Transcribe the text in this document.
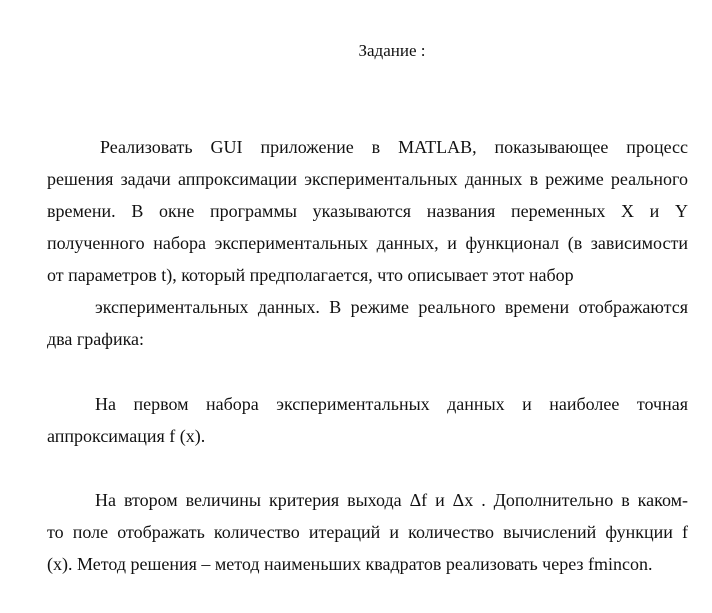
Задание :
Реализовать GUI приложение в MATLAB, показывающее процесс
решения задачи аппроксимации экспериментальных данных в режиме реального
времени. В окне программы указываются названия переменных X и Y
полученного набора экспериментальных данных, и функционал (в зависимости
от параметров t), который предполагается, что описывает этот набор
экспериментальных данных. В режиме реального времени отображаются
два графика:
На первом набора экспериментальных данных и наиболее точная
аппроксимация f (x).
На втором величины критерия выхода Δf и Δx . Дополнительно в каком-
то поле отображать количество итераций и количество вычислений функции f
(x). Метод решения – метод наименьших квадратов реализовать через fmincon.
